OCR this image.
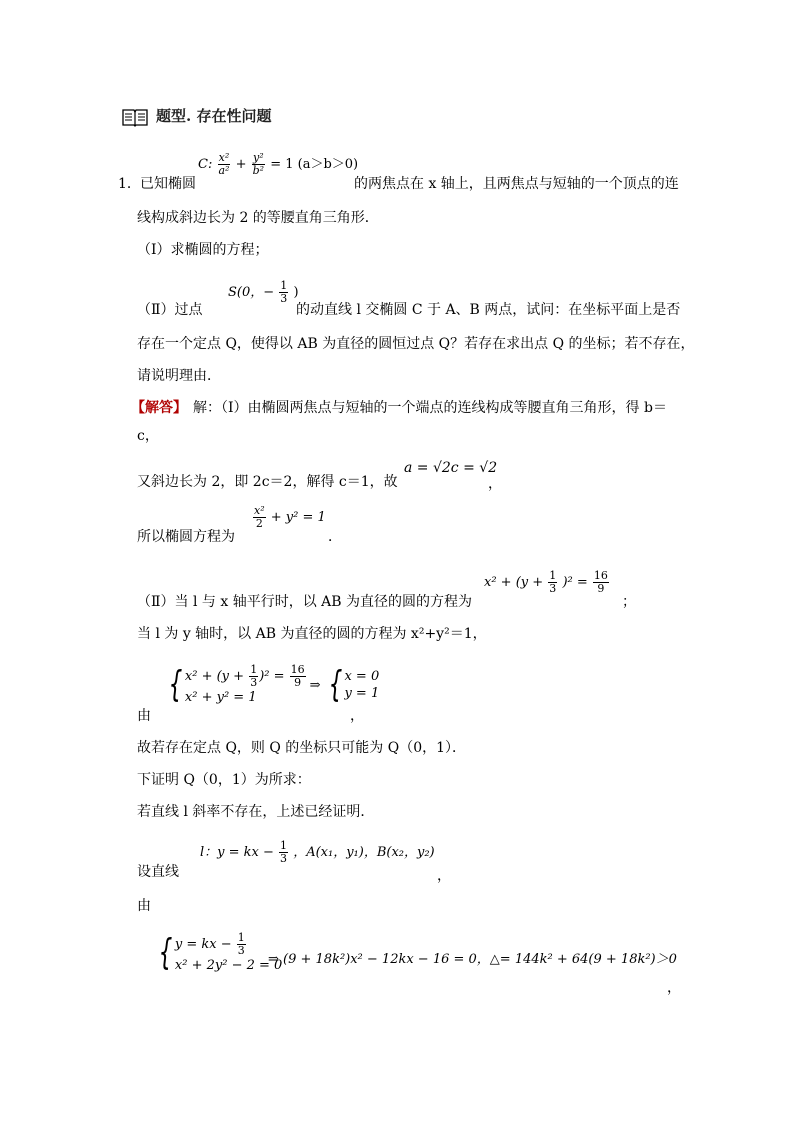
题型. 存在性问题
1． 已知椭圆
C: $\frac{\text{x²}}{\text{a²}} + \frac{\text{y²}}{\text{b²}} = 1$ (a＞b＞0)
的两焦点在 x 轴上，且两焦点与短轴的一个顶点的连
线构成斜边长为 2 的等腰直角三角形．
（Ⅰ）求椭圆的方程；
（Ⅱ）过点
S(0，− $\frac{1}{3}$ )
的动直线 l 交椭圆 C 于 A、B 两点，试问：在坐标平面上是否
存在一个定点 Q，使得以 AB 为直径的圆恒过点 Q？若存在求出点 Q 的坐标；若不存在，
请说明理由．
【解答】 解：（Ⅰ）由椭圆两焦点与短轴的一个端点的连线构成等腰直角三角形，得 b＝
c，
又斜边长为 2，即 2c＝2，解得 c＝1，故
a = √2c = √2
，
所以椭圆方程为
$\frac{\text{x²}}{2} + y^2 = 1$
．
（Ⅱ）当 l 与 x 轴平行时，以 AB 为直径的圆的方程为
$x^2 + (y + \frac{1}{3} )^2 = \frac{16}{9}$
；
当 l 为 y 轴时，以 AB 为直径的圆的方程为 x²+y²＝1，
由
{ $x^2 + (y + \frac{1}{3} )^2 = \frac{16}{9}$
x² + y² = 1
⇒ { x = 0
y = 1
，
故若存在定点 Q，则 Q 的坐标只可能为 Q（0，1）．
下证明 Q（0，1）为所求：
若直线 l 斜率不存在，上述已经证明．
设直线
l：y = kx − $\frac{1}{3}$ ，A(x₁，y₁)，B(x₂，y₂)
，
由
{ y = kx − $\frac{1}{3}$
x² + 2y² − 2 = 0
⇒ (9 + 18k²)x² − 12kx − 16 = 0，△= 144k² + 64(9 + 18k²)＞0
，
